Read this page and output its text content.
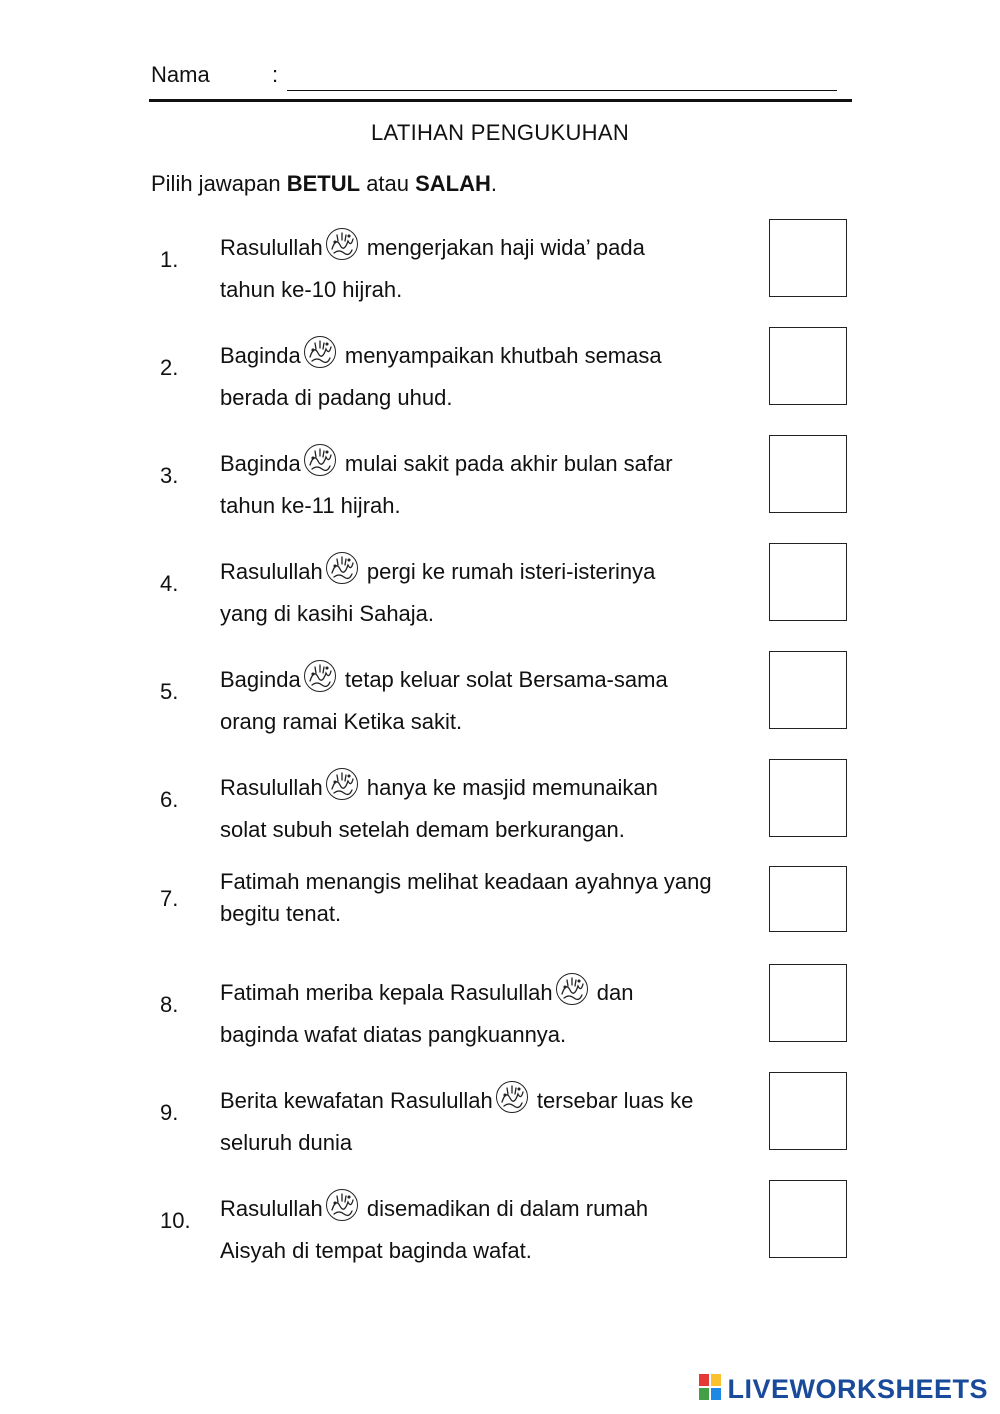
Nama	:
LATIHAN PENGUKUHAN
Pilih jawapan BETUL atau SALAH.
1. Rasulullah mengerjakan haji wida’ pada
tahun ke-10 hijrah.
2. Baginda menyampaikan khutbah semasa
berada di padang uhud.
3. Baginda mulai sakit pada akhir bulan safar
tahun ke-11 hijrah.
4. Rasulullah pergi ke rumah isteri-isterinya
yang di kasihi Sahaja.
5. Baginda tetap keluar solat Bersama-sama
orang ramai Ketika sakit.
6. Rasulullah hanya ke masjid memunaikan
solat subuh setelah demam berkurangan.
7.
Fatimah menangis melihat keadaan ayahnya yang
begitu tenat.
8. Fatimah meriba kepala Rasulullah dan
baginda wafat diatas pangkuannya.
9. Berita kewafatan Rasulullah tersebar luas ke
seluruh dunia
10. Rasulullah disemadikan di dalam rumah
Aisyah di tempat baginda wafat.
LIVEWORKSHEETS
